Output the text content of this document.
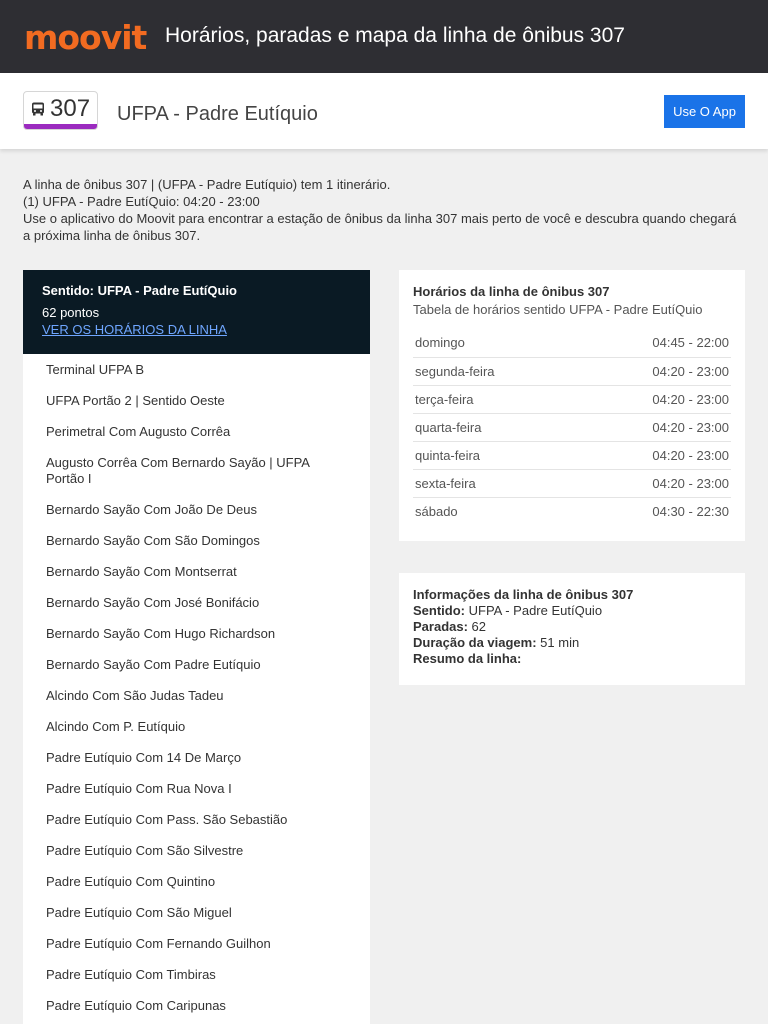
moovit Horários, paradas e mapa da linha de ônibus 307
307 UFPA - Padre Eutíquio	Use O App

A linha de ônibus 307 | (UFPA - Padre Eutíquio) tem 1 itinerário.

(1) UFPA - Padre EutíQuio: 04:20 - 23:00

Use o aplicativo do Moovit para encontrar a estação de ônibus da linha 307 mais perto de você e descubra quando chegará a próxima linha de ônibus 307.

Sentido: UFPA - Padre EutíQuio
62 pontos
VER OS HORÁRIOS DA LINHA
Terminal UFPA B
UFPA Portão 2 | Sentido Oeste
Perimetral Com Augusto Corrêa
Augusto Corrêa Com Bernardo Sayão | UFPA Portão I
Bernardo Sayão Com João De Deus
Bernardo Sayão Com São Domingos
Bernardo Sayão Com Montserrat
Bernardo Sayão Com José Bonifácio
Bernardo Sayão Com Hugo Richardson
Bernardo Sayão Com Padre Eutíquio
Alcindo Com São Judas Tadeu
Alcindo Com P. Eutíquio
Padre Eutíquio Com 14 De Março
Padre Eutíquio Com Rua Nova I
Padre Eutíquio Com Pass. São Sebastião
Padre Eutíquio Com São Silvestre
Padre Eutíquio Com Quintino
Padre Eutíquio Com São Miguel
Padre Eutíquio Com Fernando Guilhon
Padre Eutíquio Com Timbiras
Padre Eutíquio Com Caripunas
Horários da linha de ônibus 307
Tabela de horários sentido UFPA - Padre EutíQuio
domingo	04:45 - 22:00
segunda-feira	04:20 - 23:00
terça-feira	04:20 - 23:00
quarta-feira	04:20 - 23:00
quinta-feira	04:20 - 23:00
sexta-feira	04:20 - 23:00
sábado	04:30 - 22:30
Informações da linha de ônibus 307
Sentido: UFPA - Padre EutíQuio
Paradas: 62
Duração da viagem: 51 min
Resumo da linha:
